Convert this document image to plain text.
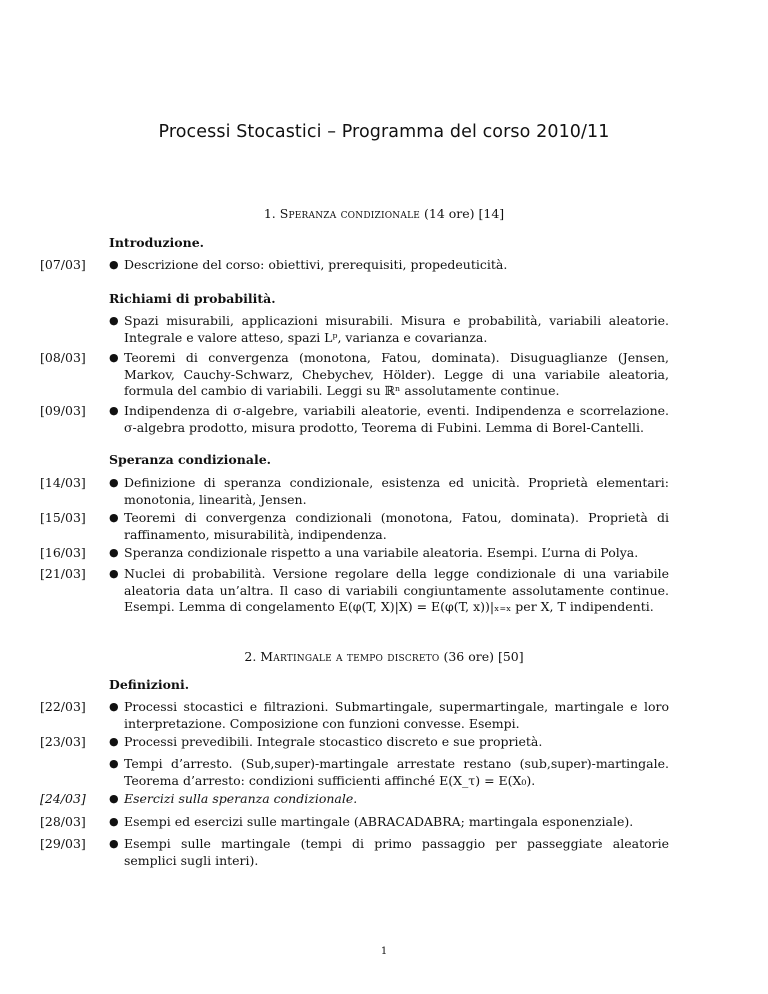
Processi Stocastici – Programma del corso 2010/11
1. Speranza condizionale (14 ore) [14]
Introduzione.
[07/03] ● Descrizione del corso: obiettivi, prerequisiti, propedeuticità.
Richiami di probabilità.
● Spazi misurabili, applicazioni misurabili. Misura e probabilità, variabili aleatorie. Integrale e valore atteso, spazi Lᵖ, varianza e covarianza.
[08/03] ● Teoremi di convergenza (monotona, Fatou, dominata). Disuguaglianze (Jensen, Markov, Cauchy-Schwarz, Chebychev, Hölder). Legge di una variabile aleatoria, formula del cambio di variabili. Leggi su ℝⁿ assolutamente continue.
[09/03] ● Indipendenza di σ-algebre, variabili aleatorie, eventi. Indipendenza e scorrelazione. σ-algebra prodotto, misura prodotto, Teorema di Fubini. Lemma di Borel-Cantelli.
Speranza condizionale.
[14/03] ● Definizione di speranza condizionale, esistenza ed unicità. Proprietà elementari: monotonia, linearità, Jensen.
[15/03] ● Teoremi di convergenza condizionali (monotona, Fatou, dominata). Proprietà di raffinamento, misurabilità, indipendenza.
[16/03] ● Speranza condizionale rispetto a una variabile aleatoria. Esempi. L’urna di Polya.
[21/03] ● Nuclei di probabilità. Versione regolare della legge condizionale di una variabile aleatoria data un’altra. Il caso di variabili congiuntamente assolutamente continue. Esempi. Lemma di congelamento E(φ(T, X)|X) = E(φ(T, x))|ₓ₌ₓ per X, T indipendenti.
2. Martingale a tempo discreto (36 ore) [50]
Definizioni.
[22/03] ● Processi stocastici e filtrazioni. Submartingale, supermartingale, martingale e loro interpretazione. Composizione con funzioni convesse. Esempi.
[23/03] ● Processi prevedibili. Integrale stocastico discreto e sue proprietà.
● Tempi d’arresto. (Sub,super)-martingale arrestate restano (sub,super)-martingale. Teorema d’arresto: condizioni sufficienti affinché E(X_τ) = E(X₀).
[24/03] ● Esercizi sulla speranza condizionale.
[28/03] ● Esempi ed esercizi sulle martingale (ABRACADABRA; martingala esponenziale).
[29/03] ● Esempi sulle martingale (tempi di primo passaggio per passeggiate aleatorie semplici sugli interi).
1
